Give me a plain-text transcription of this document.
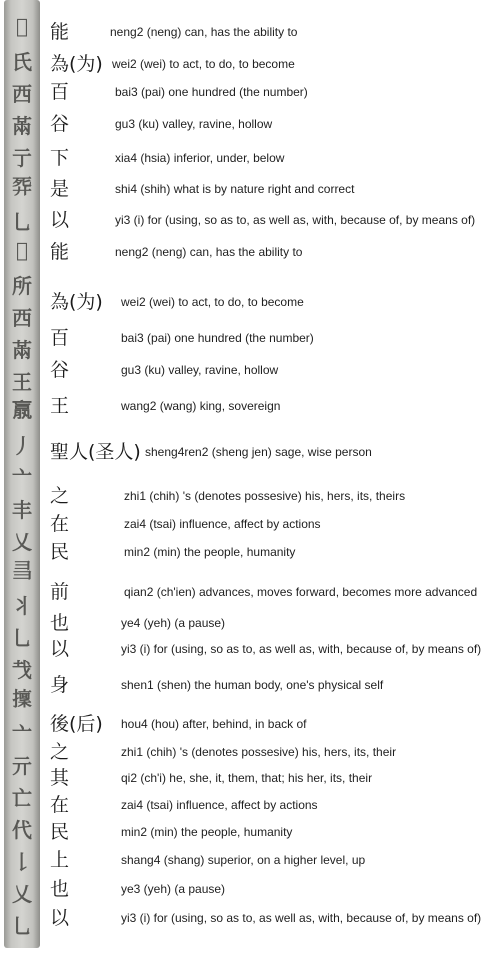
𨽵
氏
西
㒼
亍
𢍈
乚
𨽵
所
西
㒼
王
𣎆
丿
亠
丰
乂
𢑑
丬
乚
𢦏
𢶸
亠
亓
亡
代
𠄌
乂
乚
能	neng2 (neng) can, has the ability to
為(为) wei2 (wei) to act, to do, to become
百	bai3 (pai) one hundred (the number)
谷	gu3 (ku) valley, ravine, hollow
下	xia4 (hsia) inferior, under, below
是	shi4 (shih) what is by nature right and correct
以	yi3 (i) for (using, so as to, as well as, with, because of, by means of)
能	neng2 (neng) can, has the ability to
為(为) wei2 (wei) to act, to do, to become
百	bai3 (pai) one hundred (the number)
谷	gu3 (ku) valley, ravine, hollow
王	wang2 (wang) king, sovereign
聖人(圣人) sheng4ren2 (sheng jen) sage, wise person
之	zhi1 (chih) 's (denotes possesive) his, hers, its, theirs
在	zai4 (tsai) influence, affect by actions
民	min2 (min) the people, humanity
前	qian2 (ch'ien) advances, moves forward, becomes more advanced
也	ye4 (yeh) (a pause)
以	yi3 (i) for (using, so as to, as well as, with, because of, by means of)
身	shen1 (shen) the human body, one's physical self
後(后) hou4 (hou) after, behind, in back of
之	zhi1 (chih) 's (denotes possesive) his, hers, its, their
其	qi2 (ch'i) he, she, it, them, that; his her, its, their
在	zai4 (tsai) influence, affect by actions
民	min2 (min) the people, humanity
上	shang4 (shang) superior, on a higher level, up
也	ye3 (yeh) (a pause)
以	yi3 (i) for (using, so as to, as well as, with, because of, by means of)
